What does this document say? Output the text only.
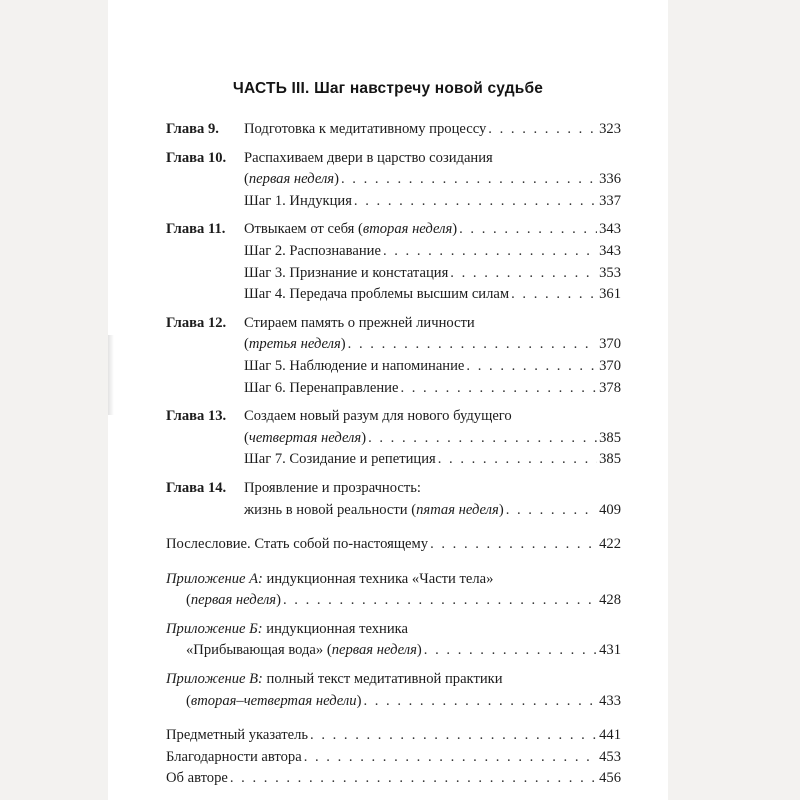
ЧАСТЬ III. Шаг навстречу новой судьбе
Глава 9.	Подготовка к медитативному процессу . . .	323
Глава 10.	Распахиваем двери в царство созидания
(первая неделя) . . .	336
Шаг 1. Индукция . . .	337
Глава 11.	Отвыкаем от себя (вторая неделя) . . .	343
Шаг 2. Распознавание . . .	343
Шаг 3. Признание и констатация . . .	353
Шаг 4. Передача проблемы высшим силам . . .	361
Глава 12.	Стираем память о прежней личности
(третья неделя) . . .	370
Шаг 5. Наблюдение и напоминание . . .	370
Шаг 6. Перенаправление . . .	378
Глава 13.	Создаем новый разум для нового будущего
(четвертая неделя) . . .	385
Шаг 7. Созидание и репетиция . . .	385
Глава 14.	Проявление и прозрачность:
жизнь в новой реальности (пятая неделя) . . .	409
Послесловие. Стать собой по-настоящему . . .	422
Приложение А: индукционная техника «Части тела»
(первая неделя) . . .	428
Приложение Б: индукционная техника
«Прибывающая вода» (первая неделя) . . .	431
Приложение В: полный текст медитативной практики
(вторая–четвертая недели) . . .	433
Предметный указатель . . .	441
Благодарности автора . . .	453
Об авторе . . .	456
